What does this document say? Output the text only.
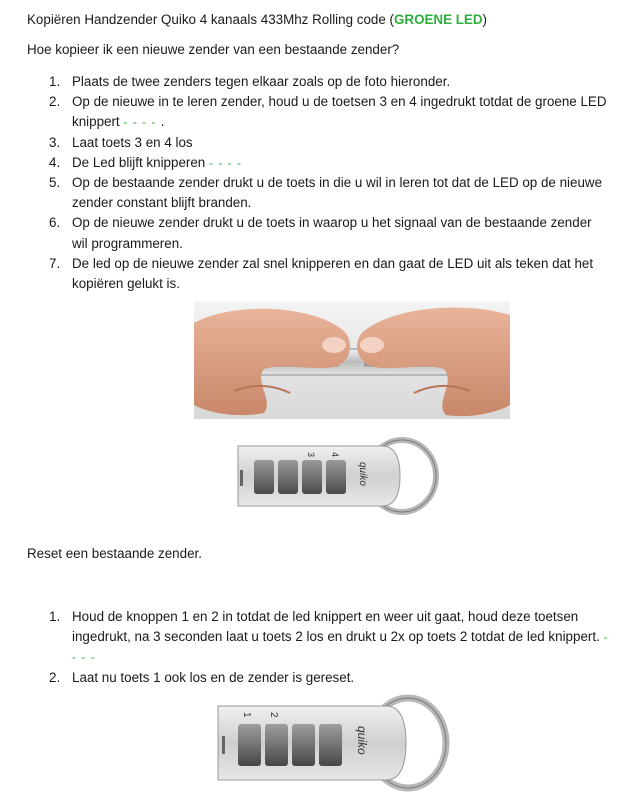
Kopiëren Handzender Quiko 4 kanaals 433Mhz Rolling code (GROENE LED)
Hoe kopieer ik een nieuwe zender van een bestaande zender?
1. Plaats de twee zenders tegen elkaar zoals op de foto hieronder.
2. Op de nieuwe in te leren zender, houd u de toetsen 3 en 4 ingedrukt totdat de groene LED knippert - - - - .
3. Laat toets 3 en 4 los
4. De Led blijft knipperen - - - -
5. Op de bestaande zender drukt u de toets in die u wil in leren tot dat de LED op de nieuwe zender constant blijft branden.
6. Op de nieuwe zender drukt u de toets in waarop u het signaal van de bestaande zender wil programmeren.
7. De led op de nieuwe zender zal snel knipperen en dan gaat de LED uit als teken dat het kopiëren gelukt is.
3 4
quiko
Reset een bestaande zender.
1. Houd de knoppen 1 en 2 in totdat de led knippert en weer uit gaat, houd deze toetsen ingedrukt, na 3 seconden laat u toets 2 los en drukt u 2x op toets 2 totdat de led knippert. - - - -
2. Laat nu toets 1 ook los en de zender is gereset.
1 2
quiko
